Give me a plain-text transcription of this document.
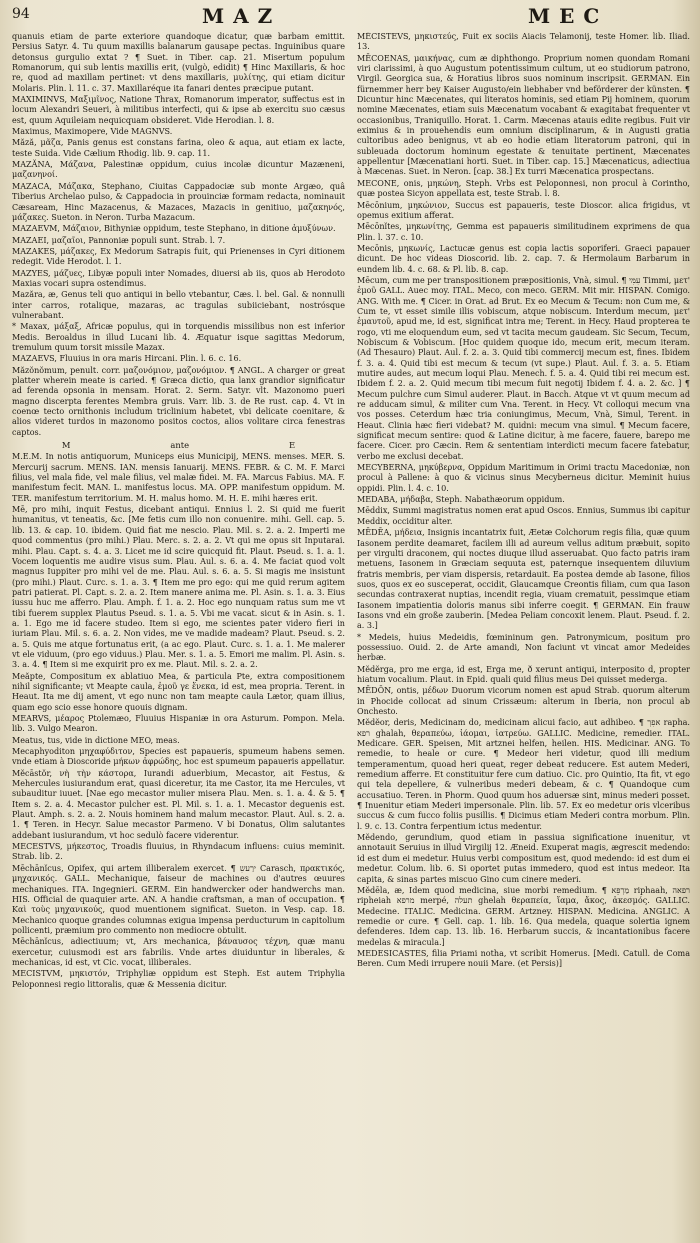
94	MAZ	MEC

quanuis etiam de parte exteriore quandoque dicatur, quæ barbam emittit. Persius Satyr. 4. Tu quum maxillis balanarum gausape pectas. Inguinibus quare detonsus gurgulio extat ? ¶ Suet. in Tiber. cap. 21. Misertum populum Romanorum, qui sub lentis maxillis erit, (vulgò, edidit) ¶ Hinc Maxillaris, & hoc re, quod ad maxillam pertinet: vt dens maxillaris, μυλίτης, qui etiam dicitur Molaris. Plin. l. 11. c. 37. Maxillaréque ita fanari dentes præcipue putant.

MAXIMINVS, Μαξιμῖνος, Natione Thrax, Romanorum imperator, suffectus est in locum Alexandri Seueri, à militibus interfecti, qui & ipse ab exercitu suo cæsus est, quum Aquileiam nequicquam obsideret. Vide Herodian. l. 8.

Maximus, Maximopere, Vide MAGNVS.

Măză, μᾶζα, Panis genus est constans farina, oleo & aqua, aut etiam ex lacte, teste Suida. Vide Cælium Rhodig. lib. 9. cap. 11.

MAZĂNA, Μάζανα, Palestinæ oppidum, cuius incolæ dicuntur Mazæneni, μαζανηνοί.

MAZACA, Μάζακα, Stephano, Ciuitas Cappadociæ sub monte Argæo, quâ Tiberius Archelao pulso, & Cappadocia in prouinciæ formam redacta, nominauit Cæsaream, Hinc Mazacenus, & Mazaces, Mazacis in genitiuo, μαζακηνός, μάζακες. Sueton. in Neron. Turba Mazacum.

MAZAEVM, Μάζαιον, Bithyniæ oppidum, teste Stephano, in ditione ἀμυξύνων.

MAZAEI, μαζαῖοι, Pannoniæ populi sunt. Strab. l. 7.

MAZAKES, μάζακες, Ex Medorum Satrapis fuit, qui Prienenses in Cyri ditionem redegit. Vide Herodot. l. 1.

MAZYES, μάζυες, Libyæ populi inter Nomades, diuersi ab iis, quos ab Herodoto Maxias vocari supra ostendimus.

Mazăra, æ, Genus teli quo antiqui in bello vtebantur, Cæs. l. bel. Gal. & nonnulli inter carros, rotalique, mazaras, ac tragulas subiiciebant, nostrósque vulnerabant.

* Maxax, μάξαξ, Africæ populus, qui in torquendis missilibus non est inferior Medis. Beroaldus in illud Lucani lib. 4. Æquatur isque sagittas Medorum, tremulum quum torsit missile Mazax.

MAZAEVS, Fluuius in ora maris Hircani. Plin. l. 6. c. 16.

Măzŏnŏmum, penult. corr. μαζονόμιον, μαζονόμιον. ¶ ANGL. A charger or great platter wherein meate is caried. ¶ Græca dictio, qua lanx grandior significatur ad ferenda opsonia in mensam. Horat. 2. Serm. Satyr. vlt. Mazonomo pueri magno discerpta ferentes Membra gruis. Varr. lib. 3. de Re rust. cap. 4. Vt in coenœ tecto ornithonis includum triclinium habetet, vbi delicate coenitare, & alios videret turdos in mazonomo positos coctos, alios volitare circa fenestras captos.

M	ante	E

M.E.M. In notis antiquorum, Municeps eius Municipij, MENS. menses. MER. S. Mercurij sacrum. MENS. IAN. mensis Ianuarij. MENS. FEBR. & C. M. F. Marci filius, vel mala fide, vel male filius, vel malæ fidei. M. FA. Marcus Fabius. MA. F. manifestum fecit. MAN. L. manifestus locus. MA. OPP. manifestum oppidum. M. TER. manifestum territorium. M. H. malus homo. M. H. E. mihi hæres erit.

Mē, pro mihi, inquit Festus, dicebant antiqui. Ennius l. 2. Si quid me fuerit humanitus, vt teneatis, &c. [Me fetis cum illo non conuenire. mihi. Gell. cap. 5. lib. 13. & cap. 10. ibidem. Quid fiat me nescio. Plau. Mil. s. 2. a. 2. Imperti me quod commentus (pro mihi.) Plau. Merc. s. 2. a. 2. Vt qui me opus sit Inputarai. mihi. Plau. Capt. s. 4. a. 3. Licet me id scire quicquid fit. Plaut. Pseud. s. 1. a. 1. Vocem loquentis me audire visus sum. Plau. Aul. s. 6. a. 4. Me faciat quod volt magnus Iuppiter pro mihi vel de me. Plau. Aul. s. 6. a. 5. Si magis me insistunt (pro mihi.) Plaut. Curc. s. 1. a. 3. ¶ Item me pro ego: qui me quid rerum agitem patri patierat. Pl. Capt. s. 2. a. 2. Item manere anima me. Pl. Asin. s. 1. a. 3. Eius iussu huc me afferro. Plau. Amph. f. 1. a. 2. Hoc ego nunquam ratus sum me vt tibi fuerem supplex Plautus Pseud. s. 1. a. 5. Vbi me vacat. sicut & in Asin. s. 1. a. 1. Ego me id facere studeo. Item si ego, me scientes pater videro fieri in iuriam Plau. Mil. s. 6. a. 2. Non vides, me ve madide madeam? Plaut. Pseud. s. 2. a. 5. Quis me atque fortunatus erit, (a ac ego. Plaut. Curc. s. 1. a. 1. Me malerer vt ele viduum, (pro ego viduus.) Plau. Mer. s. 1. a. 5. Emori me malim. Pl. Asin. s. 3. a. 4. ¶ Item si me exquirit pro ex me. Plaut. Mil. s. 2. a. 2.

Meăpte, Compositum ex ablatiuo Mea, & particula Pte, extra compositionem nihil significante; vt Meapte caula, ἐμοῦ γε ἕνεκα, id est, mea propria. Terent. in Heaut. Ita me dij ament, vt ego nunc non tam meapte caula Lætor, quam illius, quam ego scio esse honore quouis dignam.

MEARVS, μέαρος Ptolemæo, Fluuius Hispaniæ in ora Asturum. Pompon. Mela. lib. 3. Vulgo Mearon.

Meatus, tus, vide in dictione MEO, meas.

Mecaphyoditon μηχαφύδιτον, Species est papaueris, spumeum habens semen. vnde etiam à Dioscoride μήκων ἀφρώδης, hoc est spumeum papaueris appellatur.

Mĕcāstŏr, νὴ τὴν κάστορα, Iurandi aduerbium, Mecastor, ait Festus, & Mehercules iusiurandum erat, quasi diceretur, ita me Castor, ita me Hercules, vt subauditur iuuet. [Nae ego mecastor mulier misera Plau. Men. s. 1. a. 4. & 5. ¶ Item s. 2. a. 4. Mecastor pulcher est. Pl. Mil. s. 1. a. 1. Mecastor deguenis est. Plaut. Amph. s. 2. a. 2. Nouis hominem hand malum mecastor. Plaut. Aul. s. 2. a. 1. ¶ Teren. in Hecyr. Salue mecastor Parmeno. V bi Donatus, Olim salutantes addebant iusiurandum, vt hoc sedulò facere viderentur.

MECESTVS, μήκεστος, Troadis fluuius, in Rhyndacum influens: cuius meminit. Strab. lib. 2.

Mēchānĭcus, Opifex, qui artem illiberalem exercet. ¶ ירַעשִ Carasch, πρακτικός, μηχανικός. GALL. Mechanique, faiseur de machines ou d'autres œuures mechaniques. ITA. Ingegnieri. GERM. Ein handwercker oder handwerchs man. HIS. Official de quaquier arte. AN. A handie craftsman, a man of occupation. ¶ Καὶ τοὺς μηχανικούς, quod muentionem significat. Sueton. in Vesp. cap. 18. Mechanico quoque grandes columnas exigua impensa perducturum in capitolium pollicenti, præmium pro commento non mediocre obtulit.

Mēchānĭcus, adiectiuum; vt, Ars mechanica, βάναυσος τέχνη, quæ manu exercetur, cuiusmodi est ars fabrilis. Vnde artes diuiduntur in liberales, & mechanicas, id est, vt Cic. vocat, illiberales.

MECISTVM, μηκιστόν, Triphyliæ oppidum est Steph. Est autem Triphylia Peloponnesi regio littoralis, quæ & Messenia dicitur.

MĒCISTEVS, μηκιστεύς, Fuit ex sociis Aiacis Telamonij, teste Homer. lib. Iliad. 13.

MĒCOENAS, μαικήνας, cum æ diphthongo. Proprium nomen quondam Romani viri clarissimi, à quo Augustum potentissimum cultum, ut eo studiorum patrono, Virgil. Georgica sua, & Horatius libros suos nominum inscripsit. GERMAN. Ein fürnemmer herr bey Kaiser Augusto/ein liebhaber vnd beförderer der künsten. ¶ Dicuntur hinc Mæcenates, qui literatos hominis, sed etiam Pij hominem, quorum nomine Mæcenates, etiam suis Mæcenatum vocabant & exagitabat frequenter vt occasionibus, Traniquillo. Horat. 1. Carm. Mæcenas atauis edite regibus. Fuit vir eximius & in prouehendis eum omnium disciplinarum, & in Augusti gratia cultoribus adeo benignus, vt ab eo hodie etiam literatorum patroni, qui in subleuada doctorum hominum egestate & tenuitate pertinent, Mæcenates appellentur [Mæcenatiani horti. Suet. in Tiber. cap. 15.] Mæcenaticus, adiectiua à Mæcenas. Suet. in Neron. [cap. 38.] Ex turri Mæcenatica prospectans.

MECONE, onis, μηκώνη, Steph. Vrbs est Peloponnesi, non procul à Corintho, quæ postea Sicyon appellata est, teste Strab. l. 8.

Mēcōnium, μηκώνιον, Succus est papaueris, teste Dioscor. alica frigidus, vt opemus exitium afferat.

Mēcōnĭtes, μηκωνίτης, Gemma est papaueris similitudinem exprimens de qua Plin. l. 37. c. 10.

Mecōnis, μηκωνίς, Lactucæ genus est copia lactis soporiferi. Graeci papauer dicunt. De hoc videas Dioscorid. lib. 2. cap. 7. & Hermolaum Barbarum in eundem lib. 4. c. 68. & Pl. lib. 8. cap.

Mēcum, cum me per transpositionem præpositionis, Vnà, simul. ¶ עִמִּי Timmi, μετ' ἐμοῦ GALL. Auec moy. ITAL. Meco, con meco. GERM. Mit mir. HISPAN. Comigo. ANG. With me. ¶ Cicer. in Orat. ad Brut. Ex eo Mecum & Tecum: non Cum me, & Cum te, vt esset simile illis vobiscum, atque nobiscum. Interdum mecum, μετ' ἐμαυτοῦ, apud me, id est, significat intra me; Terent. in Hecy. Haud propterea te rogo, vti me eloquendum eum, sed vt tacita mecum gaudeam. Sic Secum, Tecum, Nobiscum & Vobiscum. [Hoc quidem quoque ido, mecum erit, mecum iteram. (Ad Thesauro) Plaut. Aul. f. 2. a. 3. Quid tibi commercij mecum est, fines. Ibidem f. 3. a. 4. Quid tibi est mecum & tecum (vt supe.) Plaut. Aul. f. 3. a. 5. Etiam mutire audes, aut mecum loqui Plau. Menech. f. 5. a. 4. Quid tibi rei mecum est. Ibidem f. 2. a. 2. Quid mecum tibi mecum fuit negotij Ibidem f. 4. a. 2. &c. ] ¶ Mecum pulchre cum Simul auderer. Plaut. in Bacch. Atque vt vt quum mecum ad re adducam simul, & militer cum Vna. Terent. in Hecy. Vt colloqui mecum vna vos posses. Ceterdum hæc tria coniungimus, Mecum, Vnà, Simul, Terent. in Heaut. Clinia hæc fieri videbat? M. quidni: mecum vna simul. ¶ Mecum facere, significat mecum sentire: quod & Latine dicitur, à me facere, fauere, barepo me facere. Cicer. pro Cæcin. Rem & sententiam interdicti mecum facere fatebatur, verbo me exclusi decebat.

MECYBERNA, μηκύβερνα, Oppidum Maritimum in Orimi tractu Macedoniæ, non procul à Pallene: à quo & vicinus sinus Mecyberneus dicitur. Meminit huius oppidi. Plin. l. 4. c. 10.

MEDABA, μήδαβα, Steph. Nabathæorum oppidum.

Mēddix, Summi magistratus nomen erat apud Oscos. Ennius, Summus ibi capitur Meddix, occiditur alter.

MĒDĒA, μήδεια, Insignis incantatrix fuit, Æetæ Colchorum regis filia, quæ quum Iasonem perdite deamaret, facilem illi ad aureum vellus aditum præbuit, sopito per virgulti draconem, qui noctes diuque illud asseruabat. Quo facto patris iram metuens, Iasonem in Græciam sequuta est, paternque insequentem diluvium fratris membris, per viam dispersis, retardauit. Ea postea demde ab Iasone, filios suos, quos ex eo susceperat, occidit, Glaucamque Creontis filiam, cum qua Iason secundas contraxerat nuptias, incendit regia, viuam crematuit, pessimque etiam Iasonem impatientia doloris manus sibi inferre coegit. ¶ GERMAN. Ein frauw Iasons vnd ein große zauberin. [Medea Peliam concoxit lenem. Plaut. Pseud. f. 2. a. 3.]

* Medeis, huius Medeidis, fœmininum gen. Patronymicum, positum pro possessiuo. Ouid. 2. de Arte amandi, Non faciunt vt vincat amor Medeides herbæ.

Mĕdĕrga, pro me erga, id est, Erga me, ð xerunt antiqui, interposito d, propter hiatum vocalium. Plaut. in Epid. quali quid filius meus Dei quisset mederga.

MĒDŌN, ontis, μέδων Duorum vicorum nomen est apud Strab. quorum alterum in Phocide collocat ad sinum Crissæum: alterum in Iberia, non procul ab Onchesto.

Mĕdĕor, deris, Medicinam do, medicinam alicui facio, aut adhibeo. ¶ אפִרְ rapha. רפא ghalah, θεραπεύω, ἰάομαι, ἰατρεύω. GALLIC. Medicine, remedier. ITAL. Medicare. GER. Speisen, Mit artznei helfen, heilen. HIS. Medicinar. ANG. To remedie, to heale or cure. ¶ Medeor heri videtur, quod illi medium temperamentum, quoad heri queat, reger debeat reducere. Est autem Mederi, remedium afferre. Et constituitur fere cum datiuo. Cic. pro Quintio, Ita fit, vt ego qui tela depellere, & vulneribus mederi debeam, & c. ¶ Quandoque cum accusatiuo. Teren. in Phorm. Quod quum hos aduersæ sint, minus mederi posset. ¶ Inuenitur etiam Mederi impersonale. Plin. lib. 57. Ex eo medetur oris vlceribus succus & cum fucco foliis pusillis. ¶ Dicimus etiam Mederi contra morbum. Plin. l. 9. c. 13. Contra ferpentium ictus medentur.

Mĕdendo, gerundium, quod etiam in passiua significatione inuenitur, vt annotauit Seruius in illud Virgilij 12. Æneid. Exuperat magis, ægrescit medendo: id est dum ei medetur. Huius verbi compositum est, quod medendo: id est dum ei medetur. Colum. lib. 6. Si oportet putas immedero, quod est intus medeor. Ita capita, & sinas partes miscuo Gino cum cinere mederi.

Mĕdēla, æ, Idem quod medicina, siue morbi remedium. ¶ מַרְפֵּא riphaah, רפאה ripheiah מרפא merpé, תעלה ghelah θεραπεία, ἴαμα, ἄκος, ἀκεσμός. GALLIC. Medecine. ITALIC. Medicina. GERM. Artzney. HISPAN. Medicina. ANGLIC. A remedie or cure. ¶ Gell. cap. 1. lib. 16. Qua medela, quaque solertia ignem defenderes. Idem cap. 13. lib. 16. Herbarum succis, & incantationibus facere medelas & miracula.]

MEDESICASTES, filia Priami notha, vt scribit Homerus. [Medi. Catull. de Coma Beren. Cum Medi irrupere nouii Mare. (et Persis)]
